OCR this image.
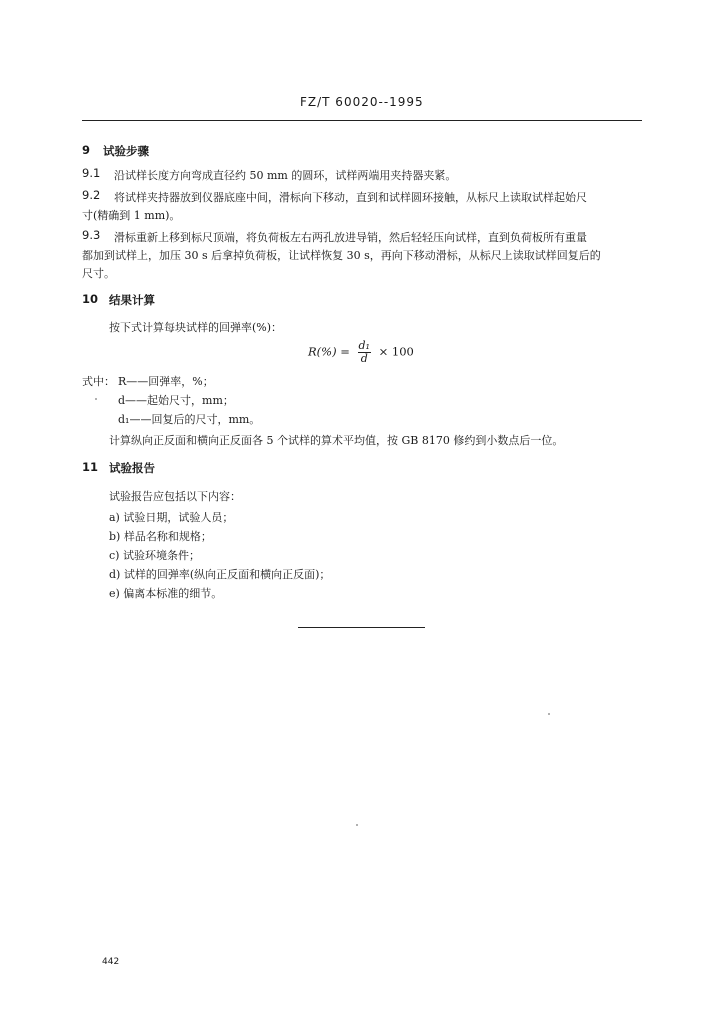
FZ/T 60020--1995
9 试验步骤
9.1 沿试样长度方向弯成直径约 50 mm 的圆环，试样两端用夹持器夹紧。
9.2 将试样夹持器放到仪器底座中间，滑标向下移动，直到和试样圆环接触，从标尺上读取试样起始尺
寸(精确到 1 mm)。
9.3 滑标重新上移到标尺顶端，将负荷板左右两孔放进导销，然后轻轻压向试样，直到负荷板所有重量
都加到试样上，加压 30 s 后拿掉负荷板，让试样恢复 30 s，再向下移动滑标，从标尺上读取试样回复后的
尺寸。
10 结果计算
按下式计算每块试样的回弹率(%)：
$R(\%) = \frac{\text{d₁}}{d} \times 100$
式中： R——回弹率，%；
d——起始尺寸，mm；
d₁——回复后的尺寸，mm。
计算纵向正反面和横向正反面各 5 个试样的算术平均值，按 GB 8170 修约到小数点后一位。
11 试验报告
试验报告应包括以下内容：
a) 试验日期，试验人员；
b) 样品名称和规格；
c) 试验环境条件；
d) 试样的回弹率(纵向正反面和横向正反面)；
e) 偏离本标准的细节。
442
